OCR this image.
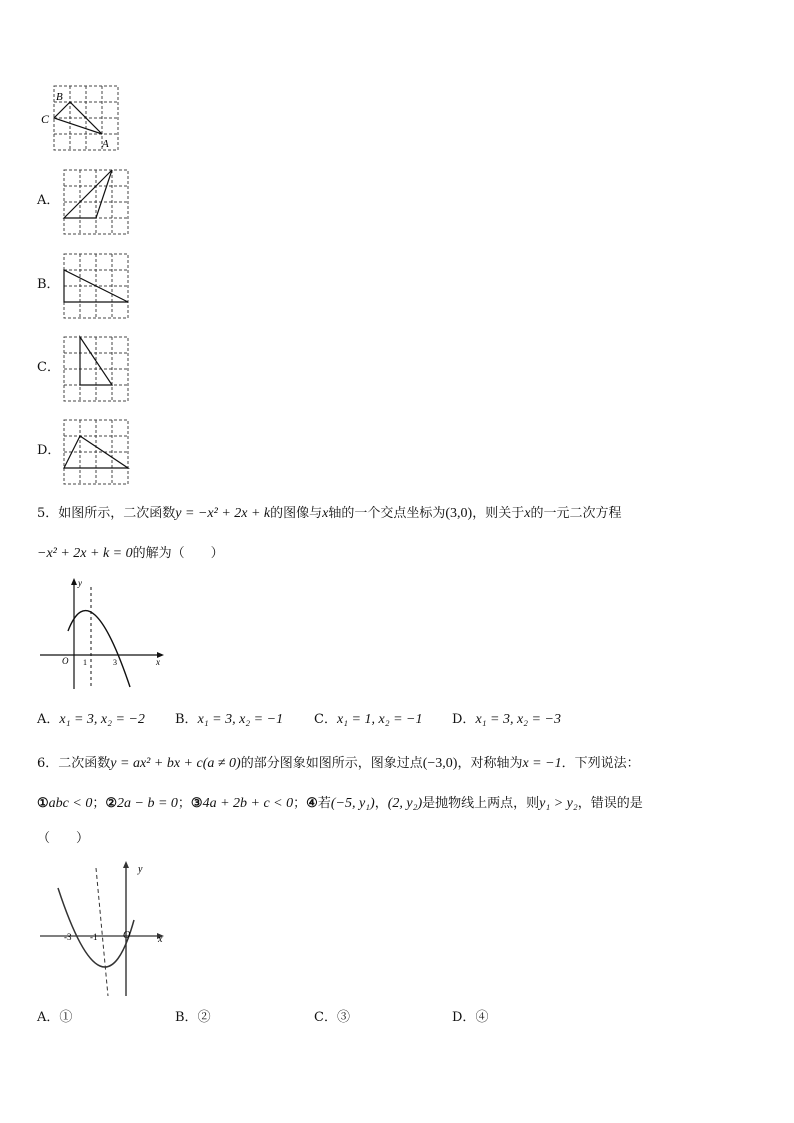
B
C
A
A．
B．
C．
D．
5．如图所示，二次函数y = −x² + 2x + k的图像与x轴的一个交点坐标为(3,0)，则关于x的一元二次方程
−x² + 2x + k = 0的解为（　　）
y
x
O 1	3
A．x₁ = 3, x₂ = −2 B．x₁ = 3, x₂ = −1 C．x₁ = 1, x₂ = −1 D．x₁ = 3, x₂ = −3
6．二次函数y = ax² + bx + c(a ≠ 0)的部分图象如图所示，图象过点(−3,0)，对称轴为x = −1．下列说法：
①abc < 0；②2a − b = 0；③4a + 2b + c < 0；④若(−5, y₁)，(2, y₂)是抛物线上两点，则y₁ > y₂，错误的是
（　　）
y
x
O
-3 -1
A．①	B．②	C．③	D．④
